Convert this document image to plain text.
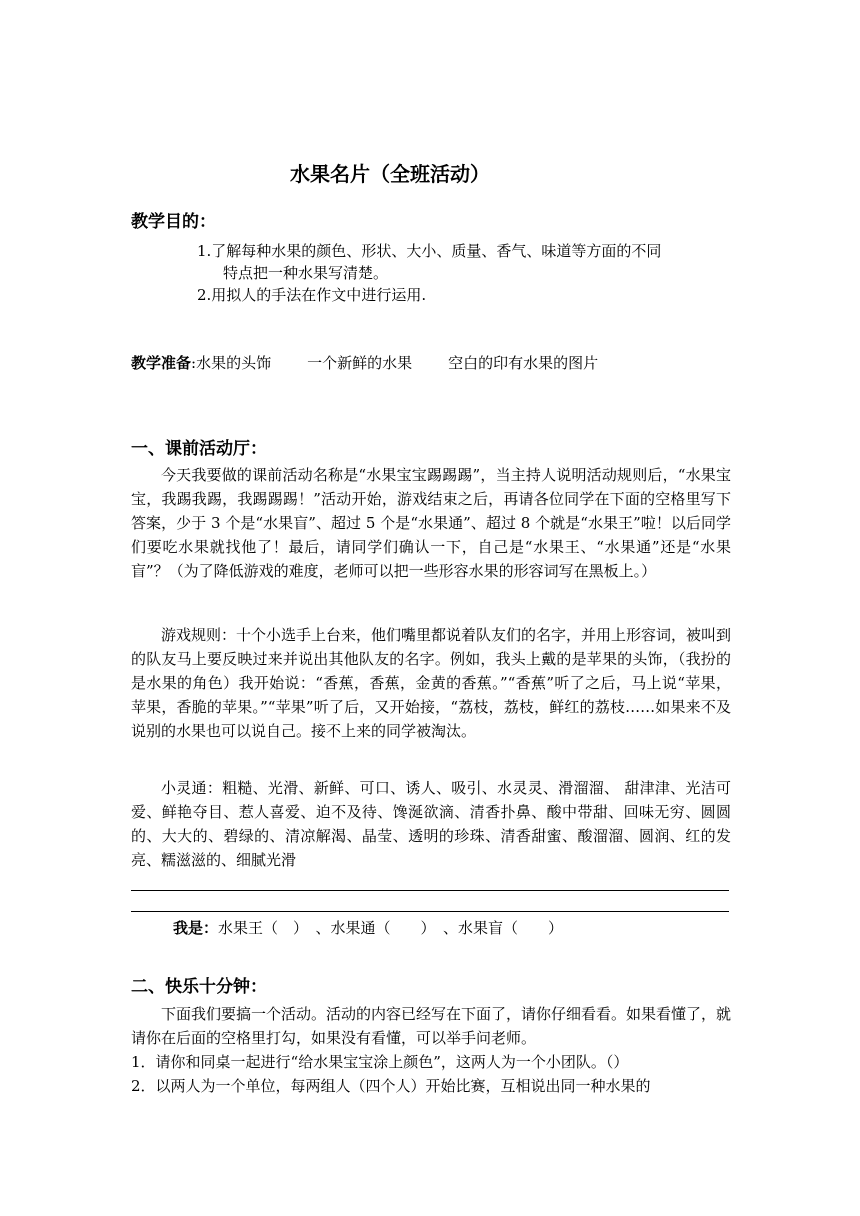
水果名片（全班活动）
教学目的：
1.了解每种水果的颜色、形状、大小、质量、香气、味道等方面的不同
特点把一种水果写清楚。
2.用拟人的手法在作文中进行运用.
教学准备:水果的头饰 一个新鲜的水果 空白的印有水果的图片
一、课前活动厅：

今天我要做的课前活动名称是“水果宝宝踢踢踢”，当主持人说明活动规则后，“水果宝宝，我踢我踢，我踢踢踢！”活动开始，游戏结束之后，再请各位同学在下面的空格里写下答案，少于 3 个是“水果盲”、超过 5 个是“水果通”、超过 8 个就是“水果王”啦！以后同学们要吃水果就找他了！最后，请同学们确认一下，自己是“水果王、“水果通”还是“水果盲”？（为了降低游戏的难度，老师可以把一些形容水果的形容词写在黑板上。）

游戏规则：十个小选手上台来，他们嘴里都说着队友们的名字，并用上形容词，被叫到的队友马上要反映过来并说出其他队友的名字。例如，我头上戴的是苹果的头饰，（我扮的是水果的角色）我开始说：“香蕉，香蕉，金黄的香蕉。”“香蕉”听了之后，马上说“苹果，苹果，香脆的苹果。”“苹果”听了后，又开始接，“荔枝，荔枝，鲜红的荔枝……如果来不及说别的水果也可以说自己。接不上来的同学被淘汰。

小灵通：粗糙、光滑、新鲜、可口、诱人、吸引、水灵灵、滑溜溜、 甜津津、光洁可爱、鲜艳夺目、惹人喜爱、迫不及待、馋涎欲滴、清香扑鼻、酸中带甜、回味无穷、圆圆的、大大的、碧绿的、清凉解渴、晶莹、透明的珍珠、清香甜蜜、酸溜溜、圆润、红的发亮、糯滋滋的、细腻光滑

我是：水果王（　）　、水果通（　　）　、水果盲（　　）
二、快乐十分钟：

下面我们要搞一个活动。活动的内容已经写在下面了，请你仔细看看。如果看懂了，就请你在后面的空格里打勾，如果没有看懂，可以举手问老师。

1．请你和同桌一起进行“给水果宝宝涂上颜色”，这两人为一个小团队。（）
2．以两人为一个单位，每两组人（四个人）开始比赛，互相说出同一种水果的
